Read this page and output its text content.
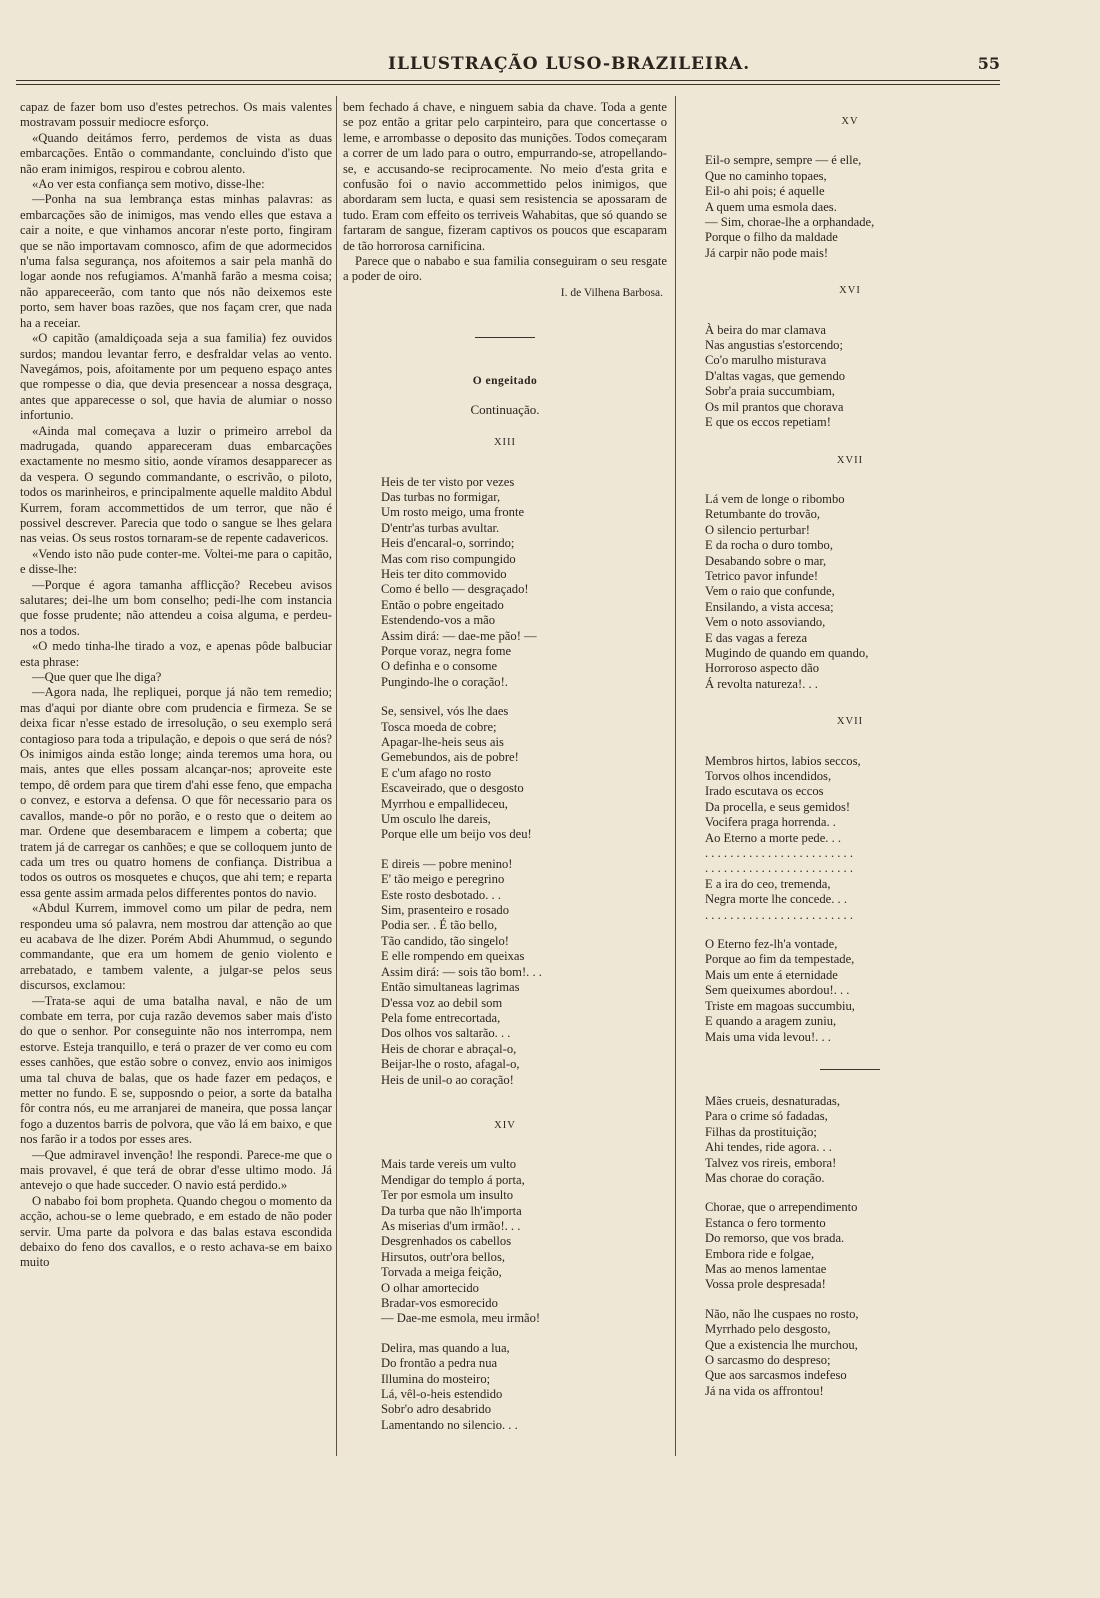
ILLUSTRAÇÃO LUSO-BRAZILEIRA.	55

capaz de fazer bom uso d'estes petrechos. Os mais valentes mostravam possuir mediocre esforço.

«Quando deitámos ferro, perdemos de vista as duas embarcações. Então o commandante, concluindo d'isto que não eram inimigos, respirou e cobrou alento.

«Ao ver esta confiança sem motivo, disse-lhe:

—Ponha na sua lembrança estas minhas palavras: as embarcações são de inimigos, mas vendo elles que estava a cair a noite, e que vinhamos ancorar n'este porto, fingiram que se não importavam comnosco, afim de que adormecidos n'uma falsa segurança, nos afoitemos a sair pela manhã do logar aonde nos refugiamos. A'manhã farão a mesma coisa; não appareceerão, com tanto que nós não deixemos este porto, sem haver boas razões, que nos façam crer, que nada ha a receiar.

«O capitão (amaldiçoada seja a sua familia) fez ouvidos surdos; mandou levantar ferro, e desfraldar velas ao vento. Navegámos, pois, afoitamente por um pequeno espaço antes que rompesse o dia, que devia presencear a nossa desgraça, antes que apparecesse o sol, que havia de alumiar o nosso infortunio.

«Ainda mal começava a luzir o primeiro arrebol da madrugada, quando appareceram duas embarcações exactamente no mesmo sitio, aonde víramos desapparecer as da vespera. O segundo commandante, o escrivão, o piloto, todos os marinheiros, e principalmente aquelle maldito Abdul Kurrem, foram accommettidos de um terror, que não é possivel descrever. Parecia que todo o sangue se lhes gelara nas veias. Os seus rostos tornaram-se de repente cadavericos.

«Vendo isto não pude conter-me. Voltei-me para o capitão, e disse-lhe:

—Porque é agora tamanha afflicção? Recebeu avisos salutares; dei-lhe um bom conselho; pedi-lhe com instancia que fosse prudente; não attendeu a coisa alguma, e perdeu-nos a todos.

«O medo tinha-lhe tirado a voz, e apenas pôde balbuciar esta phrase:

—Que quer que lhe diga?

—Agora nada, lhe repliquei, porque já não tem remedio; mas d'aqui por diante obre com prudencia e firmeza. Se se deixa ficar n'esse estado de irresolução, o seu exemplo será contagioso para toda a tripulação, e depois o que será de nós? Os inimigos ainda estão longe; ainda teremos uma hora, ou mais, antes que elles possam alcançar-nos; aproveite este tempo, dê ordem para que tirem d'ahi esse feno, que empacha o convez, e estorva a defensa. O que fôr necessario para os cavallos, mande-o pôr no porão, e o resto que o deitem ao mar. Ordene que desembaracem e limpem a coberta; que tratem já de carregar os canhões; e que se colloquem junto de cada um tres ou quatro homens de confiança. Distribua a todos os outros os mosquetes e chuços, que ahi tem; e reparta essa gente assim armada pelos differentes pontos do navio.

«Abdul Kurrem, immovel como um pilar de pedra, nem respondeu uma só palavra, nem mostrou dar attenção ao que eu acabava de lhe dizer. Porém Abdi Ahummud, o segundo commandante, que era um homem de genio violento e arrebatado, e tambem valente, a julgar-se pelos seus discursos, exclamou:

—Trata-se aqui de uma batalha naval, e não de um combate em terra, por cuja razão devemos saber mais d'isto do que o senhor. Por conseguinte não nos interrompa, nem estorve. Esteja tranquillo, e terá o prazer de ver como eu com esses canhões, que estão sobre o convez, envio aos inimigos uma tal chuva de balas, que os hade fazer em pedaços, e metter no fundo. E se, supposndo o peior, a sorte da batalha fôr contra nós, eu me arranjarei de maneira, que possa lançar fogo a duzentos barris de polvora, que vão lá em baixo, e que nos farão ir a todos por esses ares.

—Que admiravel invenção! lhe respondi. Parece-me que o mais provavel, é que terá de obrar d'esse ultimo modo. Já antevejo o que hade succeder. O navio está perdido.»

O nababo foi bom propheta. Quando chegou o momento da acção, achou-se o leme quebrado, e em estado de não poder servir. Uma parte da polvora e das balas estava escondida debaixo do feno dos cavallos, e o resto achava-se em baixo muito

bem fechado á chave, e ninguem sabia da chave. Toda a gente se poz então a gritar pelo carpinteiro, para que concertasse o leme, e arrombasse o deposito das munições. Todos começaram a correr de um lado para o outro, empurrando-se, atropellando-se, e accusando-se reciprocamente. No meio d'esta grita e confusão foi o navio accommettido pelos inimigos, que abordaram sem lucta, e quasi sem resistencia se apossaram de tudo. Eram com effeito os terriveis Wahabitas, que só quando se fartaram de sangue, fizeram captivos os poucos que escaparam de tão horrorosa carnificina.

Parece que o nababo e sua familia conseguiram o seu resgate a poder de oiro.

I. de Vilhena Barbosa.
O engeitado
Continuação.
XIII
Heis de ter visto por vezes
Das turbas no formigar,
Um rosto meigo, uma fronte
D'entr'as turbas avultar.
Heis d'encaral-o, sorrindo;
Mas com riso compungido
Heis ter dito commovido
Como é bello — desgraçado!
Então o pobre engeitado
Estendendo-vos a mão
Assim dirá: — dae-me pão! —
Porque voraz, negra fome
O definha e o consome
Pungindo-lhe o coração!.
Se, sensivel, vós lhe daes
Tosca moeda de cobre;
Apagar-lhe-heis seus ais
Gemebundos, ais de pobre!
E c'um afago no rosto
Escaveirado, que o desgosto
Myrrhou e empallideceu,
Um osculo lhe dareis,
Porque elle um beijo vos deu!
E direis — pobre menino!
E' tão meigo e peregrino
Este rosto desbotado. . .
Sim, prasenteiro e rosado
Podia ser. . É tão bello,
Tão candido, tão singelo!
E elle rompendo em queixas
Assim dirá: — sois tão bom!. . .
Então simultaneas lagrimas
D'essa voz ao debil som
Pela fome entrecortada,
Dos olhos vos saltarão. . .
Heis de chorar e abraçal-o,
Beijar-lhe o rosto, afagal-o,
Heis de unil-o ao coração!
XIV
Mais tarde vereis um vulto
Mendigar do templo á porta,
Ter por esmola um insulto
Da turba que não lh'importa
As miserias d'um irmão!. . .
Desgrenhados os cabellos
Hirsutos, outr'ora bellos,
Torvada a meiga feição,
O olhar amortecido
Bradar-vos esmorecido
— Dae-me esmola, meu irmão!
Delira, mas quando a lua,
Do frontão a pedra nua
Illumina do mosteiro;
Lá, vêl-o-heis estendido
Sobr'o adro desabrido
Lamentando no silencio. . .
XV
Eil-o sempre, sempre — é elle,
Que no caminho topaes,
Eil-o ahi pois; é aquelle
A quem uma esmola daes.
— Sim, chorae-lhe a orphandade,
Porque o filho da maldade
Já carpir não pode mais!
XVI
À beira do mar clamava
Nas angustias s'estorcendo;
Co'o marulho misturava
D'altas vagas, que gemendo
Sobr'a praia succumbiam,
Os mil prantos que chorava
E que os eccos repetiam!
XVII
Lá vem de longe o ribombo
Retumbante do trovão,
O silencio perturbar!
E da rocha o duro tombo,
Desabando sobre o mar,
Tetrico pavor infunde!
Vem o raio que confunde,
Ensilando, a vista accesa;
Vem o noto assoviando,
E das vagas a fereza
Mugindo de quando em quando,
Horroroso aspecto dão
Á revolta natureza!. . .
XVII
Membros hirtos, labios seccos,
Torvos olhos incendidos,
Irado escutava os eccos
Da procella, e seus gemidos!
Vocifera praga horrenda. .
Ao Eterno a morte pede. . .
. . . . . . . . . . . . . . . . . . . . . . . .
. . . . . . . . . . . . . . . . . . . . . . . .
E a ira do ceo, tremenda,
Negra morte lhe concede. . .
. . . . . . . . . . . . . . . . . . . . . . . .
O Eterno fez-lh'a vontade,
Porque ao fim da tempestade,
Mais um ente á eternidade
Sem queixumes abordou!. . .
Triste em magoas succumbiu,
E quando a aragem zuniu,
Mais uma vida levou!. . .
Mães crueis, desnaturadas,
Para o crime só fadadas,
Filhas da prostituição;
Ahi tendes, ride agora. . .
Talvez vos rireis, embora!
Mas chorae do coração.
Chorae, que o arrependimento
Estanca o fero tormento
Do remorso, que vos brada.
Embora ride e folgae,
Mas ao menos lamentae
Vossa prole despresada!
Não, não lhe cuspaes no rosto,
Myrrhado pelo desgosto,
Que a existencia lhe murchou,
O sarcasmo do despreso;
Que aos sarcasmos indefeso
Já na vida os affrontou!
